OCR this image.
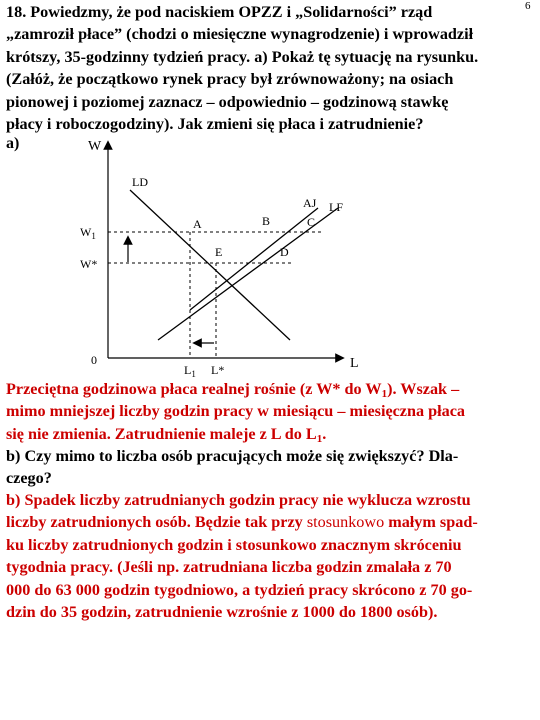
6

18. Powiedzmy, że pod naciskiem OPZZ i „Solidarności” rząd
„zamroził płace” (chodzi o miesięczne wynagrodzenie) i wprowadził
krótszy, 35-godzinny tydzień pracy. a) Pokaż tę sytuację na rysunku.
(Załóż, że początkowo rynek pracy był zrównoważony; na osiach
pionowej i poziomej zaznacz – odpowiednio – godzinową stawkę
płacy i roboczogodziny). Jak zmieni się płaca i zatrudnienie?

a)	W
L
0
LD
AJ LF
A	B	C
E	D
$W_1$
W*
$L_1$ L*

Przeciętna godzinowa płaca realnej rośnie (z W* do $W_1$). Wszak –
mimo mniejszej liczby godzin pracy w miesiącu – miesięczna płaca
się nie zmienia. Zatrudnienie maleje z L do $L_1$.

b) Czy mimo to liczba osób pracujących może się zwiększyć? Dla-
czego?

b) Spadek liczby zatrudnianych godzin pracy nie wyklucza wzrostu
liczby zatrudnionych osób. Będzie tak przy stosunkowo małym spad-
ku liczby zatrudnionych godzin i stosunkowo znacznym skróceniu
tygodnia pracy. (Jeśli np. zatrudniana liczba godzin zmalała z 70
000 do 63 000 godzin tygodniowo, a tydzień pracy skrócono z 70 go-
dzin do 35 godzin, zatrudnienie wzrośnie z 1000 do 1800 osób).
